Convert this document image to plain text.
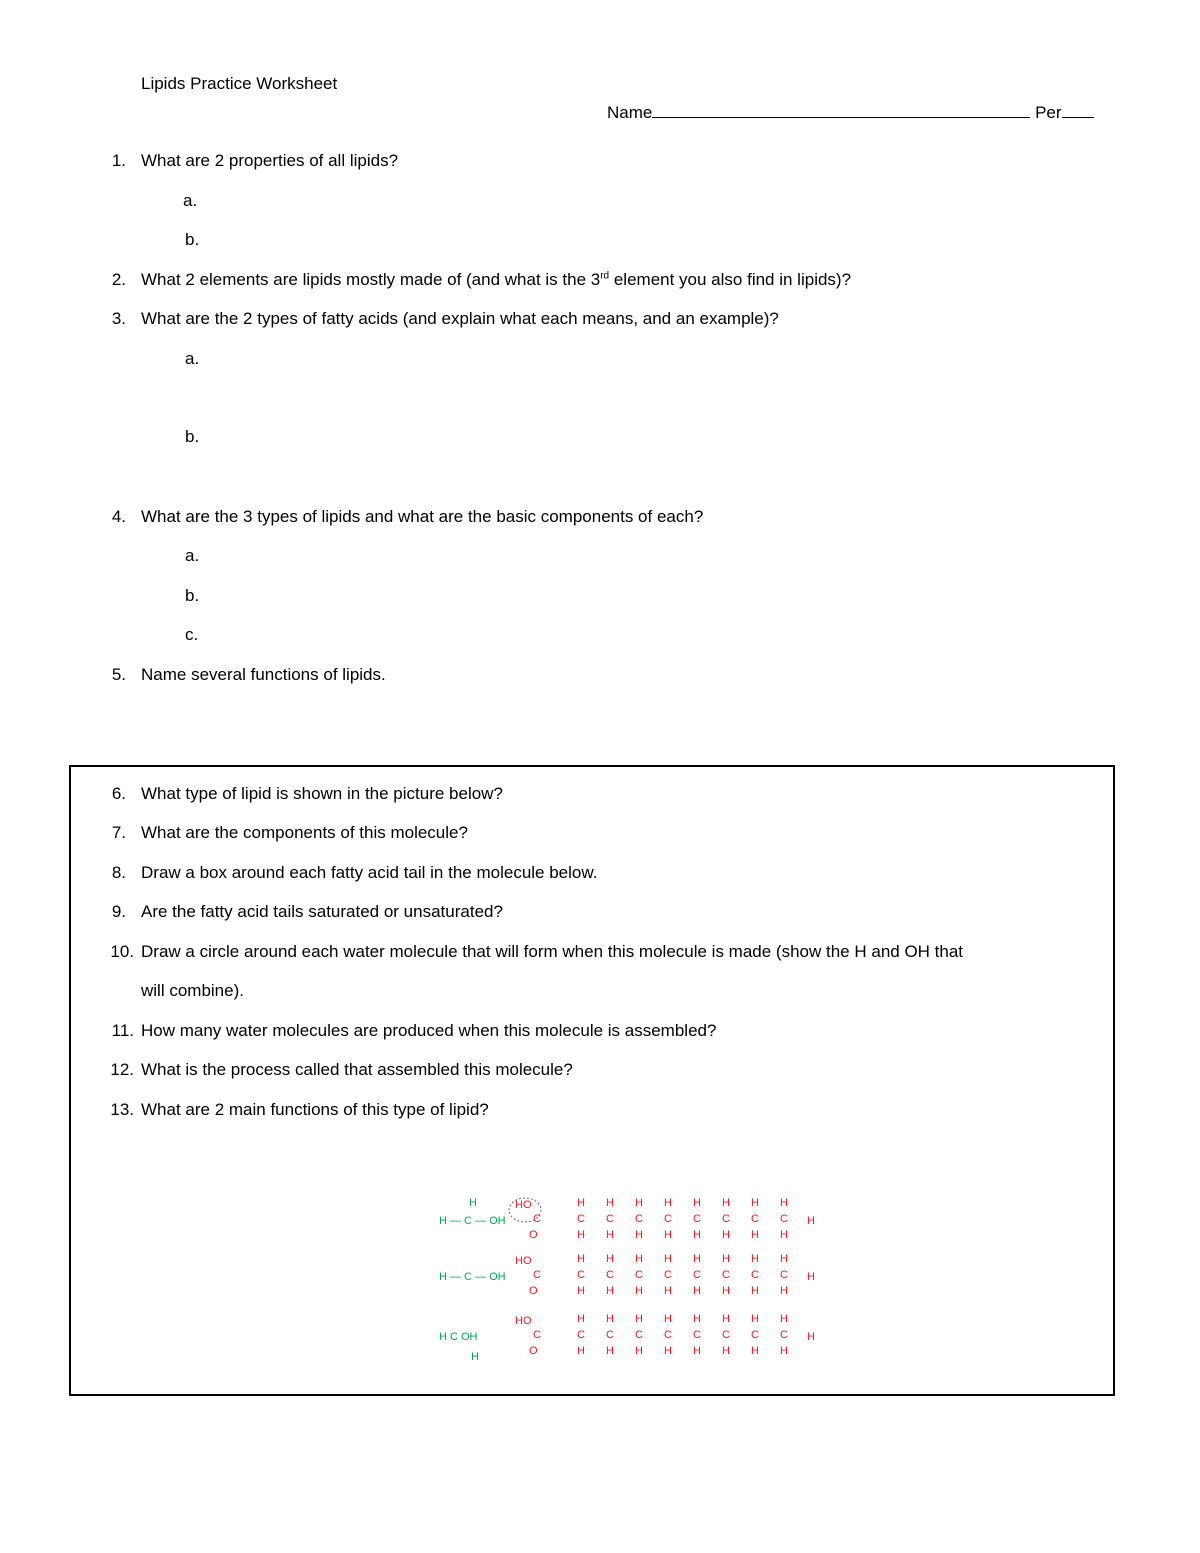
Lipids Practice Worksheet
Name	Per
1. What are 2 properties of all lipids?
a.
b.
2. What 2 elements are lipids mostly made of (and what is the 3rd element you also find in lipids)?
3. What are the 2 types of fatty acids (and explain what each means, and an example)?
a.
b.
4. What are the 3 types of lipids and what are the basic components of each?
a.
b.
c.
5. Name several functions of lipids.
6. What type of lipid is shown in the picture below?
7. What are the components of this molecule?
8. Draw a box around each fatty acid tail in the molecule below.
9. Are the fatty acid tails saturated or unsaturated?
10. Draw a circle around each water molecule that will form when this molecule is made (show the H and OH that
will combine).
11. How many water molecules are produced when this molecule is assembled?
12. What is the process called that assembled this molecule?
13. What are 2 main functions of this type of lipid?
H
H
H — C — OH
H — C — OH
H C OH
HO
C
O
H
C
H
H
C
H
H
C
H
H
C
H
H
C
H
H
C
H
H
C
H
H
C
H
H
HO
C
O
H
C
H
H
C
H
H
C
H
H
C
H
H
C
H
H
C
H
H
C
H
H
C
H
H
HO
C
O
H
C
H
H
C
H
H
C
H
H
C
H
H
C
H
H
C
H
H
C
H
H
C
H
H
